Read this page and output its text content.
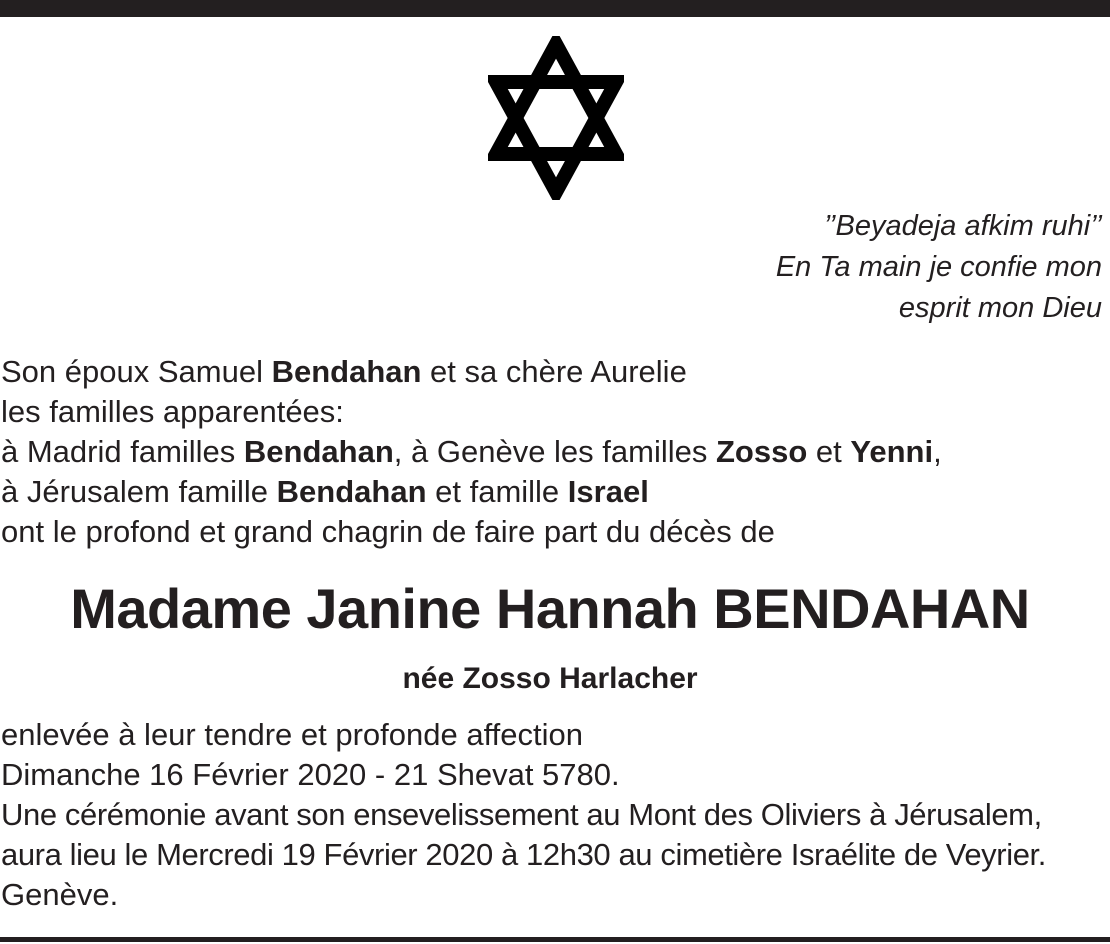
’’Beyadeja afkim ruhi’’
En Ta main je confie mon
esprit mon Dieu
Son époux Samuel Bendahan et sa chère Aurelie
les familles apparentées:
à Madrid familles Bendahan, à Genève les familles Zosso et Yenni,
à Jérusalem famille Bendahan et famille Israel
ont le profond et grand chagrin de faire part du décès de
Madame Janine Hannah BENDAHAN
née Zosso Harlacher
enlevée à leur tendre et profonde affection
Dimanche 16 Février 2020 - 21 Shevat 5780.
Une cérémonie avant son ensevelissement au Mont des Oliviers à Jérusalem,
aura lieu le Mercredi 19 Février 2020 à 12h30 au cimetière Israélite de Veyrier.
Genève.
